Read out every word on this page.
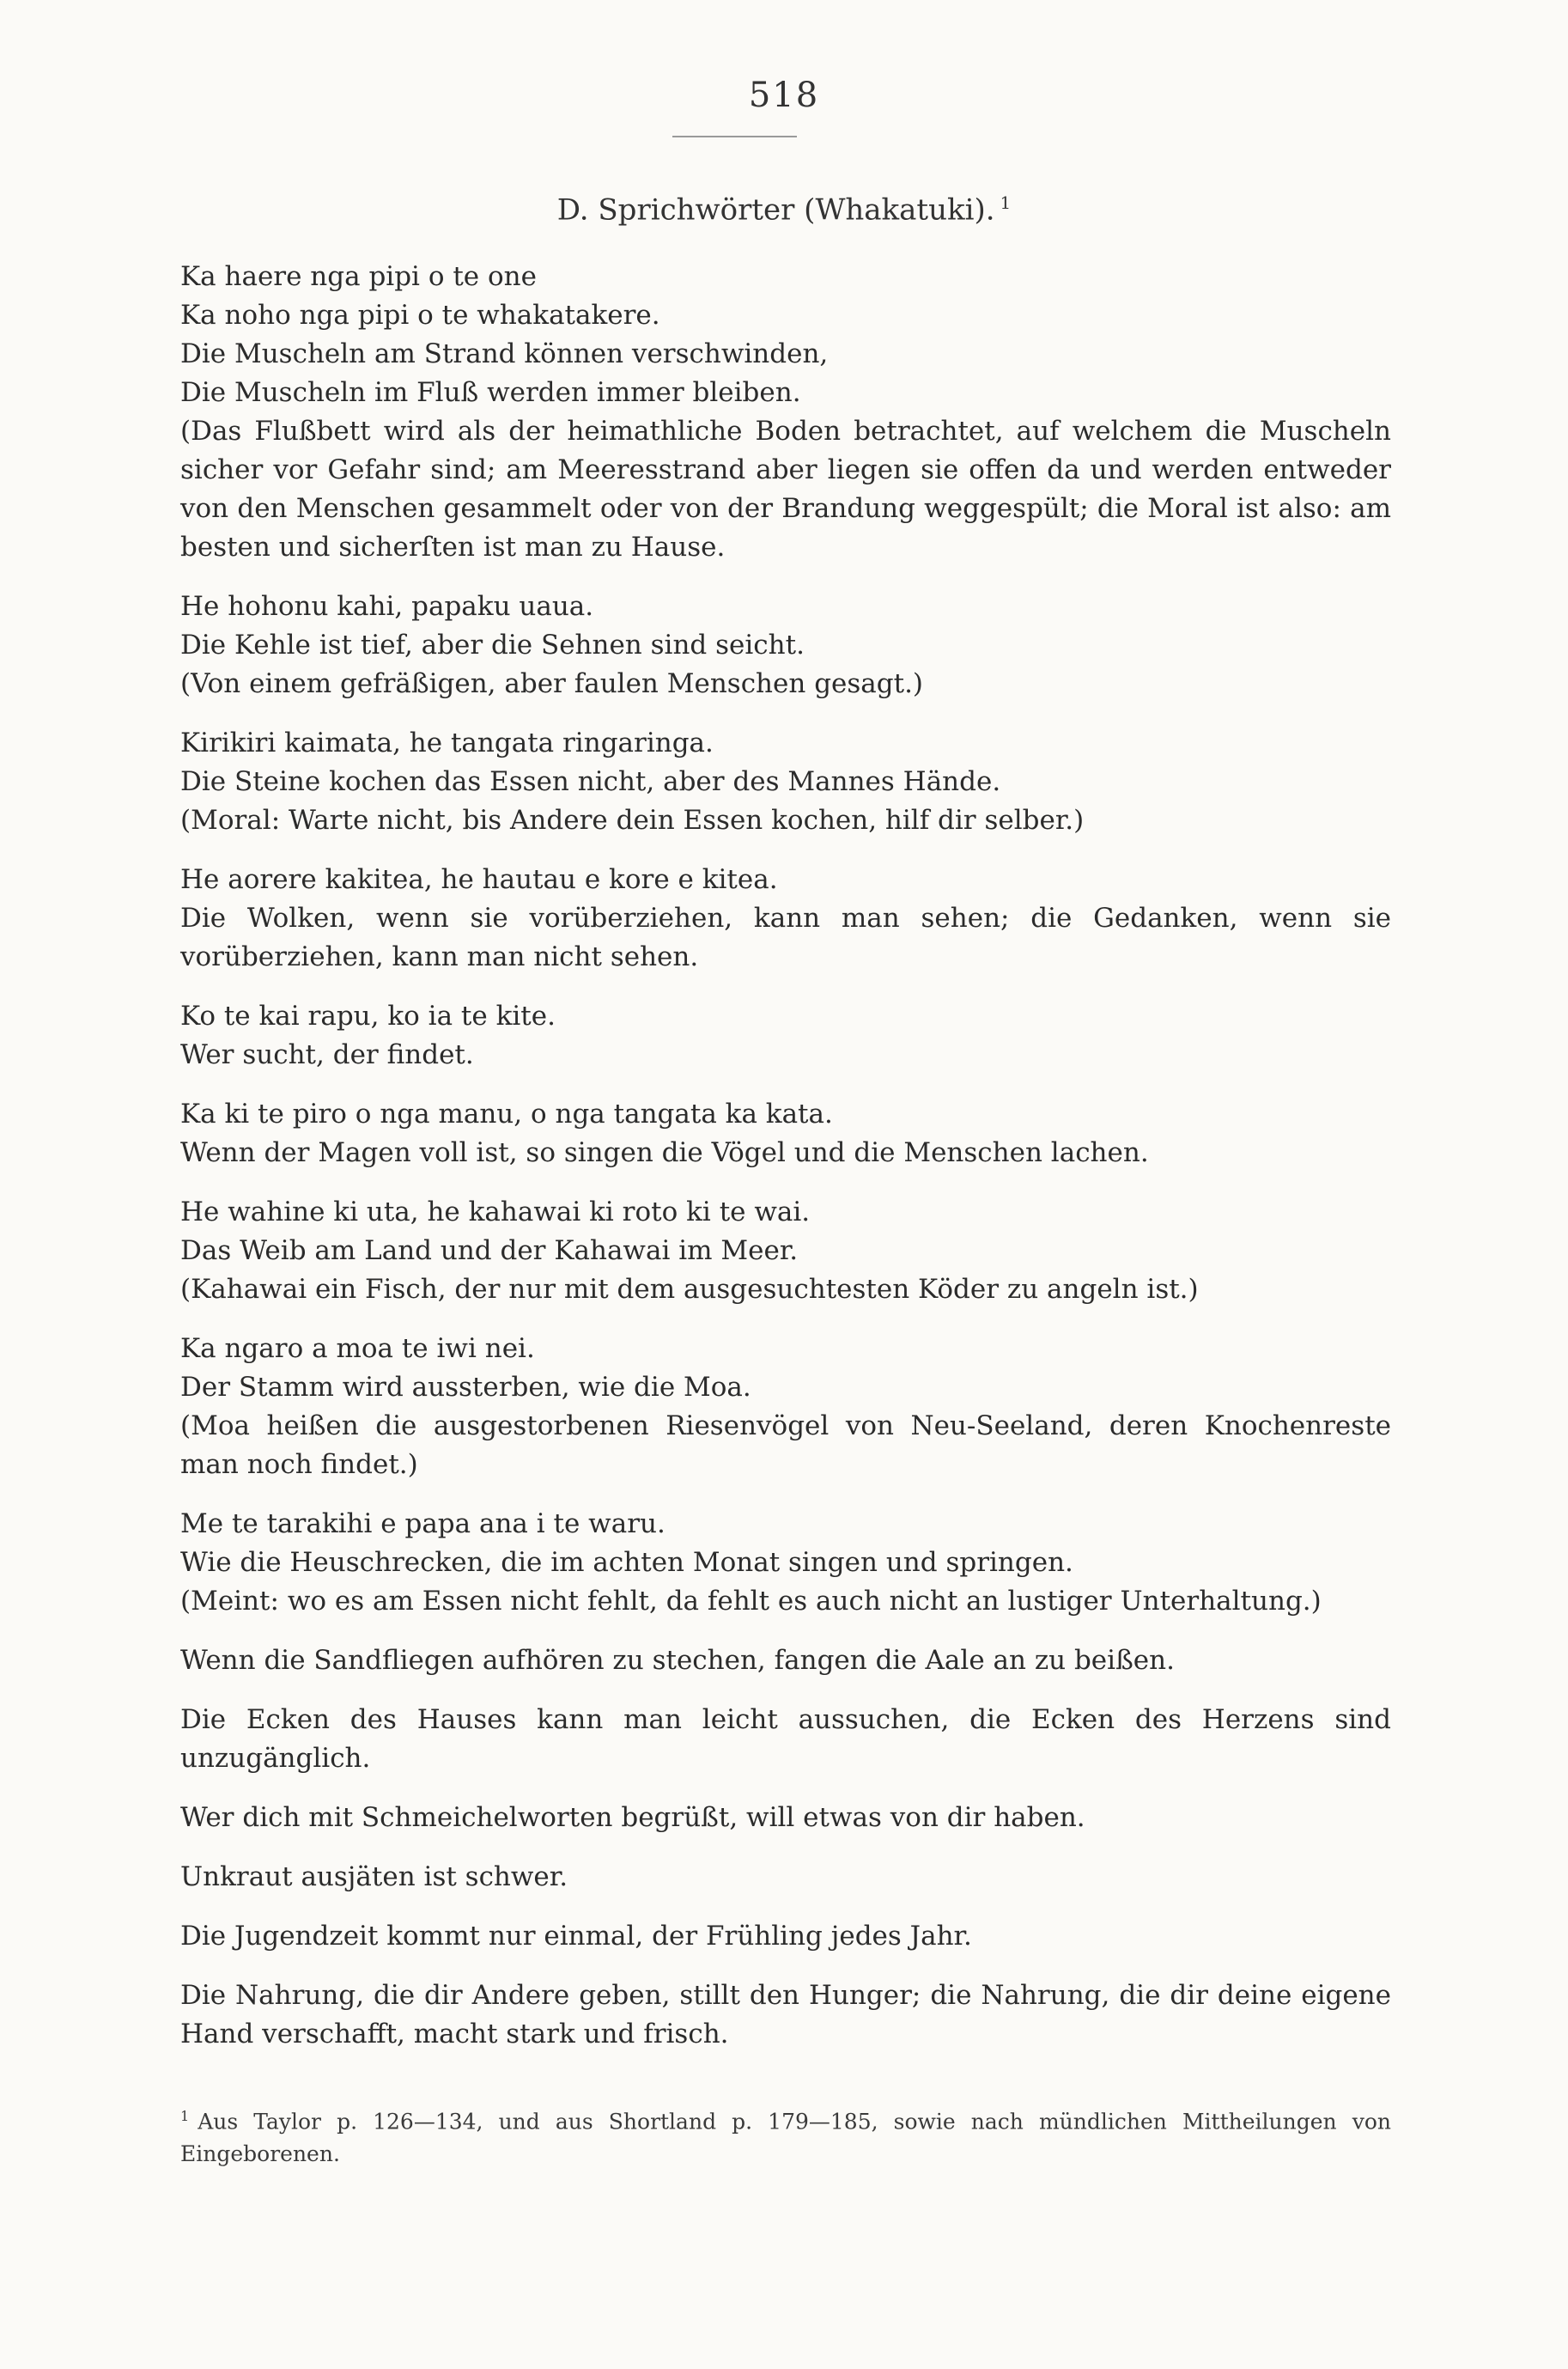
518
D. Sprichwörter (Whakatuki). $^1$
Ka haere nga pipi o te one
Ka noho nga pipi o te whakatakere.
Die Muscheln am Strand können verschwinden,
Die Muscheln im Fluß werden immer bleiben.
(Das Flußbett wird als der heimathliche Boden betrachtet, auf welchem die Muscheln sicher vor Gefahr sind; am Meeresstrand aber liegen sie offen da und werden entweder von den Menschen gesammelt oder von der Brandung weggespült; die Moral ist also: am besten und sicherſten ist man zu Hause.
He hohonu kahi, papaku uaua.
Die Kehle ist tief, aber die Sehnen sind seicht.
(Von einem gefräßigen, aber faulen Menschen gesagt.)
Kirikiri kaimata, he tangata ringaringa.
Die Steine kochen das Essen nicht, aber des Mannes Hände.
(Moral: Warte nicht, bis Andere dein Essen kochen, hilf dir selber.)
He aorere kakitea, he hautau e kore e kitea.
Die Wolken, wenn sie vorüberziehen, kann man sehen; die Gedanken, wenn sie vorüberziehen, kann man nicht sehen.
Ko te kai rapu, ko ia te kite.
Wer sucht, der findet.
Ka ki te piro o nga manu, o nga tangata ka kata.
Wenn der Magen voll ist, so singen die Vögel und die Menschen lachen.
He wahine ki uta, he kahawai ki roto ki te wai.
Das Weib am Land und der Kahawai im Meer.
(Kahawai ein Fisch, der nur mit dem ausgesuchtesten Köder zu angeln ist.)
Ka ngaro a moa te iwi nei.
Der Stamm wird aussterben, wie die Moa.
(Moa heißen die ausgestorbenen Riesenvögel von Neu-Seeland, deren Knochenreste man noch findet.)
Me te tarakihi e papa ana i te waru.
Wie die Heuschrecken, die im achten Monat singen und springen.
(Meint: wo es am Essen nicht fehlt, da fehlt es auch nicht an lustiger Unterhaltung.)
Wenn die Sandfliegen aufhören zu stechen, fangen die Aale an zu beißen.
Die Ecken des Hauses kann man leicht aussuchen, die Ecken des Herzens sind unzugänglich.
Wer dich mit Schmeichelworten begrüßt, will etwas von dir haben.
Unkraut ausjäten ist schwer.
Die Jugendzeit kommt nur einmal, der Frühling jedes Jahr.
Die Nahrung, die dir Andere geben, stillt den Hunger; die Nahrung, die dir deine eigene Hand verschafft, macht stark und frisch.
$^1$ Aus Taylor p. 126—134, und aus Shortland p. 179—185, sowie nach mündlichen Mittheilungen von Eingeborenen.
